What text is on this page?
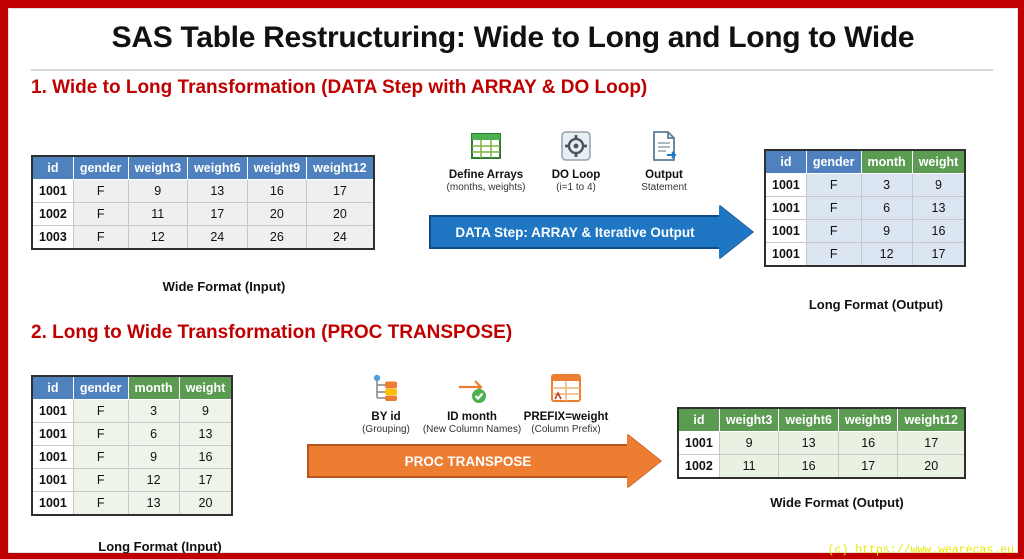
SAS Table Restructuring: Wide to Long and Long to Wide
1. Wide to Long Transformation (DATA Step with ARRAY & DO Loop)
id	gender	weight3	weight6	weight9	weight12
1001	F	9	13	16	17
1002	F	11	17	20	20
1003	F	12	24	26	24
Wide Format (Input)
Define Arrays
(months, weights)
DO Loop
(i=1 to 4)
Output
Statement
DATA Step: ARRAY & Iterative Output
id	gender	month	weight
1001	F	3	9
1001	F	6	13
1001	F	9	16
1001	F	12	17
Long Format (Output)
2. Long to Wide Transformation (PROC TRANSPOSE)
id	gender	month	weight
1001	F	3	9
1001	F	6	13
1001	F	9	16
1001	F	12	17
1001	F	13	20
Long Format (Input)
BY id
(Grouping)
ID month
(New Column Names)
PREFIX=weight
(Column Prefix)
PROC TRANSPOSE
id	weight3	weight6	weight9	weight12
1001	9	13	16	17
1002	11	16	17	20
Wide Format (Output)
(c) https://www.wearecas.eu
